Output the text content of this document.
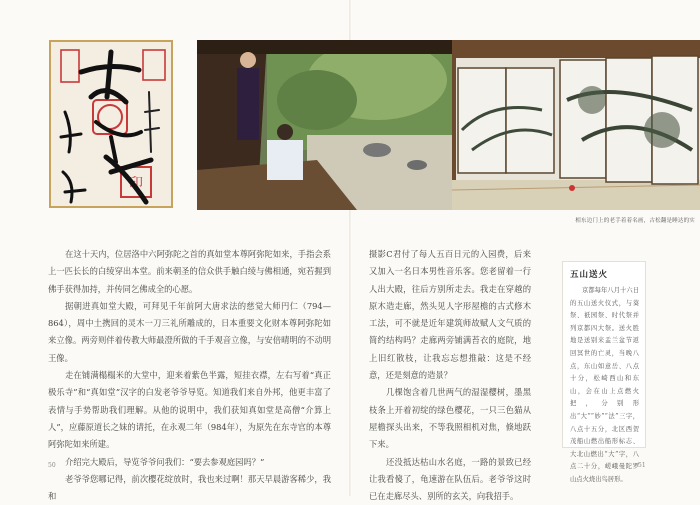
印
相东边门上的老手着着名画，古松翻是睡达的实

在这十天内，位居洛中六阿弥陀之首的真如堂本尊阿弥陀如来，手指会系上一匹长长的白绫穿出本堂。前来朝圣的信众供手触白绫与佛相通，宛若握到佛手获得加持，并传同乞佛成全的心愿。

据朝进真如堂大殿，可拜见千年前阿大唐求法的慈觉大师円仁（794—864），周中土携回的灵木一刀三礼所雕成的，日本重要文化财本尊阿弥陀如来立像。两旁则伴着传教大师最澄所做的千手观音立像，与安倍晴明的不动明王像。

走在铺满榻榻米的大堂中，迎来着紫色半露，短挂衣襟，左右写着“真正极乐寺”和“真如堂”汉字的白发老爷爷导览。知道我们来自外邦，他更丰富了表情与手势帮助我们理解。从他的说明中，我们获知真如堂是高僧“介算上人”，应藤原道长之妹的请托，在永观二年（984年），为原先在东寺官的本尊阿弥陀如来所建。

介绍完大殿后，导览爷爷问我们：“要去参观庭园吗？”

老爷爷您哪记得，前次樱花绽放时，我也来过啊！那天早晨游客稀少，我和

摄影C君付了每人五百日元的入园费，后来又加入一名日本男性音乐客。您老留着一行人出大殿，往后方别所走去。我走在穿越的原木造走廊，然头见人字形屋檐的古式修木工法，可不就是近年建筑师故赋人文气质的简约结构吗？走廊两旁铺满苔衣的庭院，地上旧红散枝，让我忘忘想推敲：这是不经意，还是刻意的造景？

几棵饱含着几世两气的湿湿樱树，墨黑枝条上开着初绽的绿色樱花，一只三色猫从屋檐探头出来，不等我照相机对焦，倏地跃下来。

还没抵达枯山水名庭，一路的景致已经让我看傻了，龟速游在队伍后。老爷爷这时已在走廊尽头、别所的玄关，向我招手。

五山送火

京都每年八月十六日的五山送火仪式，与葵祭、祇园祭、时代祭并列京都四大祭。送火胜地是送别来盂兰盆节返回冥世的亡灵，当晚八点，东山如意岳、八点十分，松崎西山和东山，会在山上点燃火把，分别形出“大”“妙”“法”三字，八点十五分，北区西贺茂船山燃出船形标志、大北山燃出“大”字，八点二十分，嵯峨曼陀罗山点火烧出鸟居形。

50	51
